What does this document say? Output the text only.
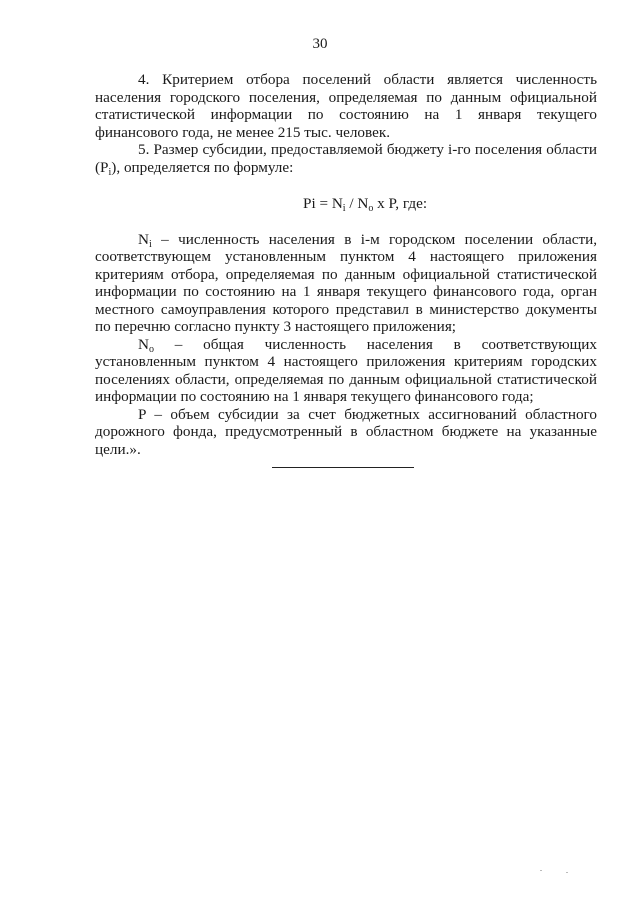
30

4. Критерием отбора поселений области является численность населения городского поселения, определяемая по данным официальной статистической информации по состоянию на 1 января текущего финансового года, не менее 215 тыс. человек.

5. Размер субсидии, предоставляемой бюджету i-го поселения области $(P_i)$, определяется по формуле:

$Pi = N_i / N_o$ x P, где:

$N_i$ – численность населения в i-м городском поселении области, соответствующем установленным пунктом 4 настоящего приложения критериям отбора, определяемая по данным официальной статистической информации по состоянию на 1 января текущего финансового года, орган местного самоуправления которого представил в министерство документы по перечню согласно пункту 3 настоящего приложения;

$N_o$ – общая численность населения в соответствующих установленным пунктом 4 настоящего приложения критериям городских поселениях области, определяемая по данным официальной статистической информации по состоянию на 1 января текущего финансового года;

P – объем субсидии за счет бюджетных ассигнований областного дорожного фонда, предусмотренный в областном бюджете на указанные цели.».
